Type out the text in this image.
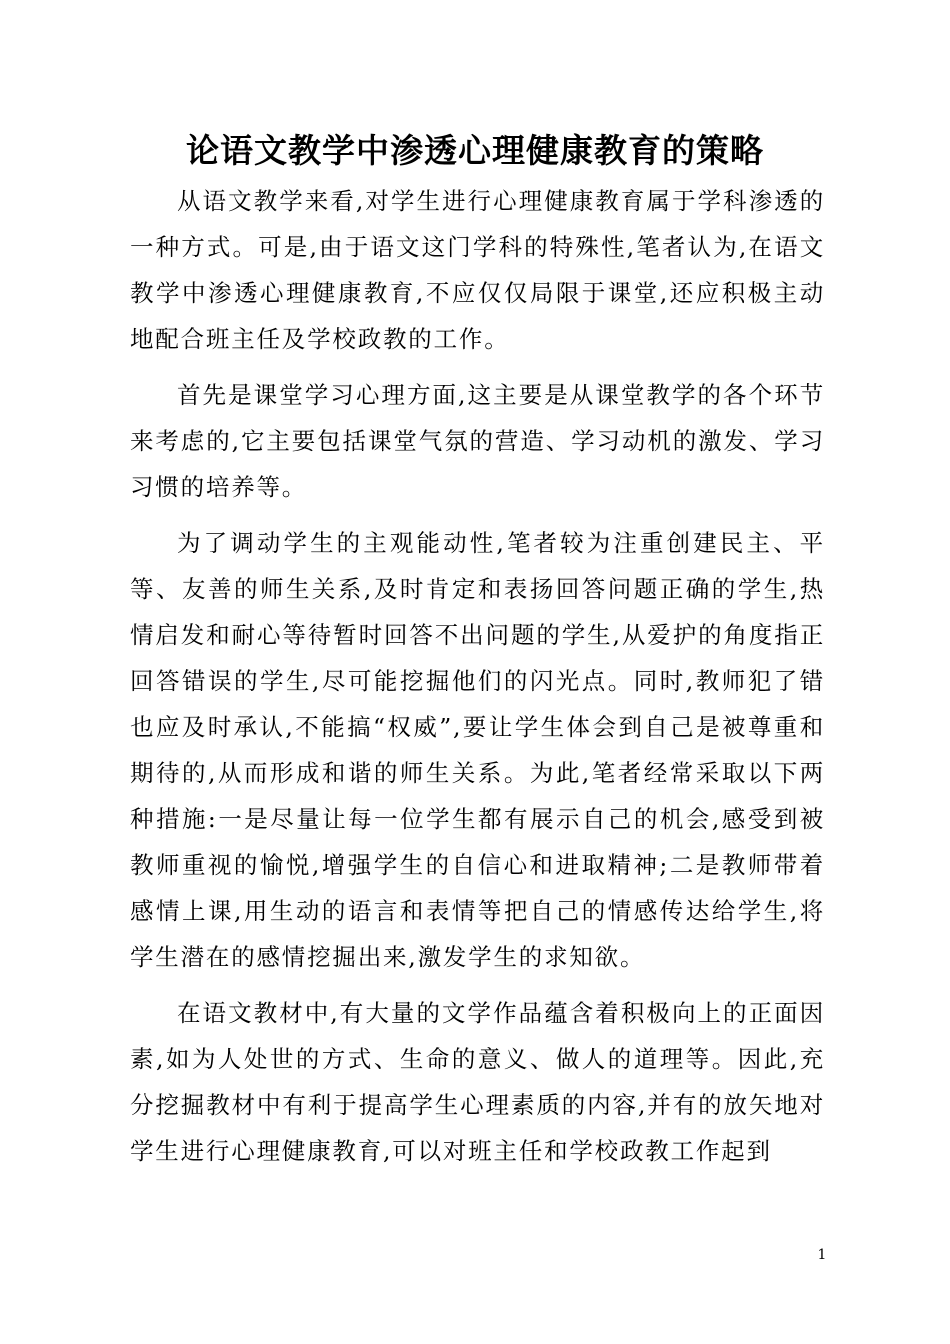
论语文教学中渗透心理健康教育的策略

从语文教学来看,对学生进行心理健康教育属于学科渗透的一种方式。可是,由于语文这门学科的特殊性,笔者认为,在语文教学中渗透心理健康教育,不应仅仅局限于课堂,还应积极主动地配合班主任及学校政教的工作。

首先是课堂学习心理方面,这主要是从课堂教学的各个环节来考虑的,它主要包括课堂气氛的营造、学习动机的激发、学习习惯的培养等。

为了调动学生的主观能动性,笔者较为注重创建民主、平等、友善的师生关系,及时肯定和表扬回答问题正确的学生,热情启发和耐心等待暂时回答不出问题的学生,从爱护的角度指正回答错误的学生,尽可能挖掘他们的闪光点。同时,教师犯了错也应及时承认,不能搞“权威”,要让学生体会到自己是被尊重和期待的,从而形成和谐的师生关系。为此,笔者经常采取以下两种措施:一是尽量让每一位学生都有展示自己的机会,感受到被教师重视的愉悦,增强学生的自信心和进取精神;二是教师带着感情上课,用生动的语言和表情等把自己的情感传达给学生,将学生潜在的感情挖掘出来,激发学生的求知欲。

在语文教材中,有大量的文学作品蕴含着积极向上的正面因素,如为人处世的方式、生命的意义、做人的道理等。因此,充分挖掘教材中有利于提高学生心理素质的内容,并有的放矢地对学生进行心理健康教育,可以对班主任和学校政教工作起到

1
